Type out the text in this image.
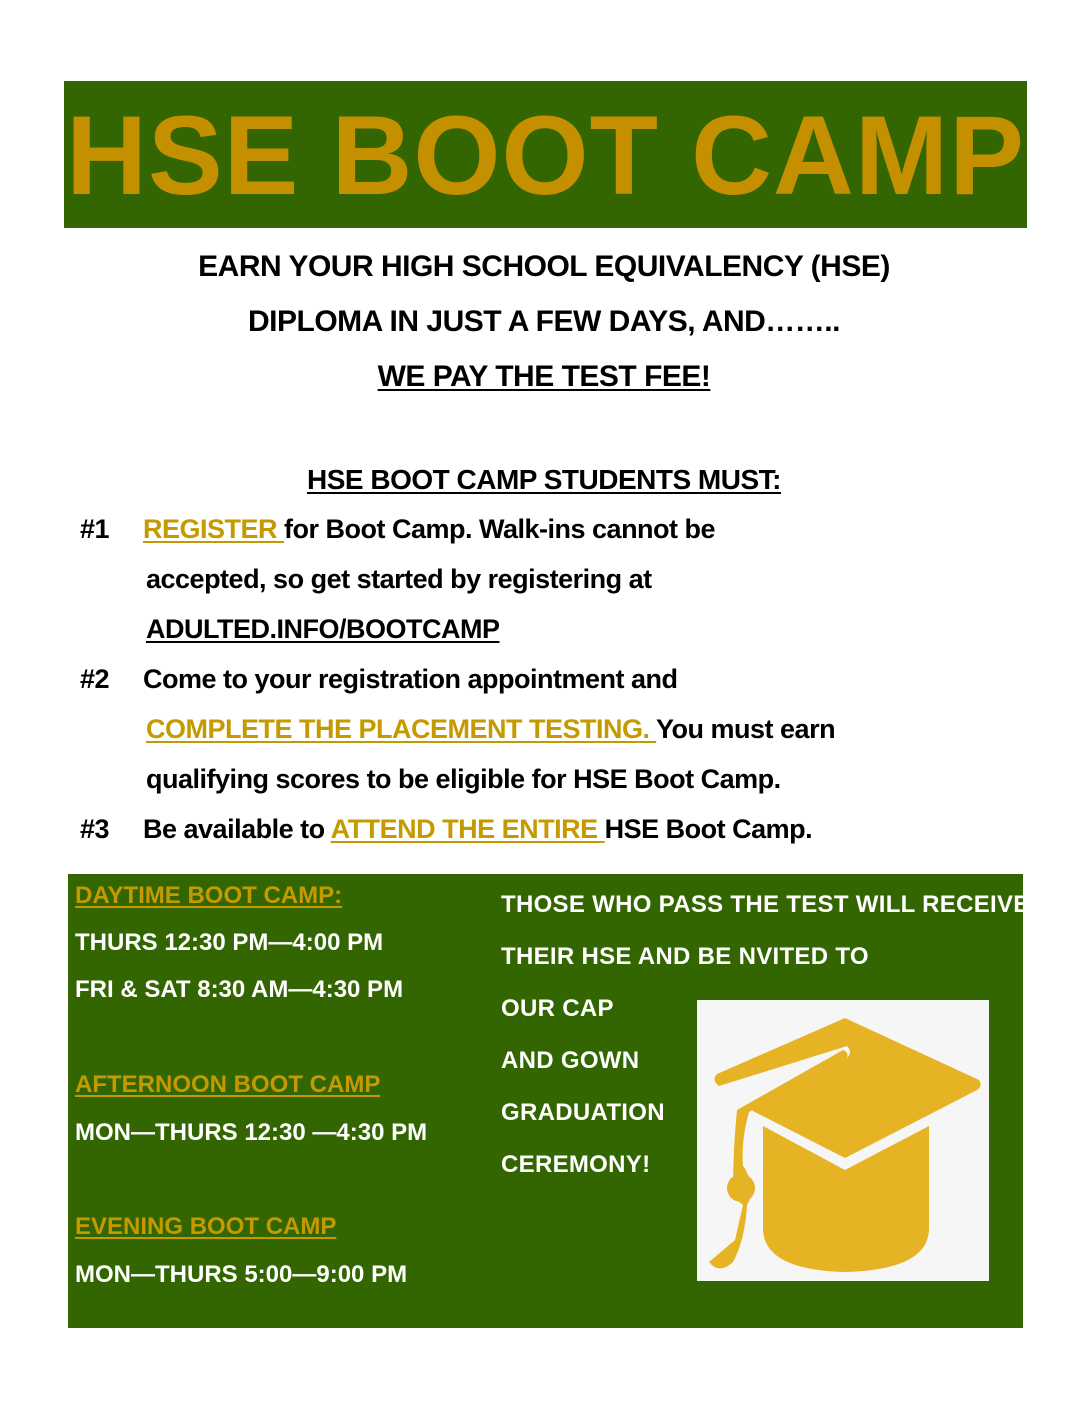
HSE BOOT CAMP
EARN YOUR HIGH SCHOOL EQUIVALENCY (HSE)
DIPLOMA IN JUST A FEW DAYS, AND……..
WE PAY THE TEST FEE!
HSE BOOT CAMP STUDENTS MUST:
#1 REGISTER for Boot Camp. Walk-ins cannot be
accepted, so get started by registering at
ADULTED.INFO/BOOTCAMP
#2 Come to your registration appointment and
COMPLETE THE PLACEMENT TESTING. You must earn
qualifying scores to be eligible for HSE Boot Camp.
#3 Be available to ATTEND THE ENTIRE HSE Boot Camp.
DAYTIME BOOT CAMP:
THURS 12:30 PM—4:00 PM
FRI & SAT 8:30 AM—4:30 PM
AFTERNOON BOOT CAMP
MON—THURS 12:30 —4:30 PM
EVENING BOOT CAMP
MON—THURS 5:00—9:00 PM
THOSE WHO PASS THE TEST WILL RECEIVE
THEIR HSE AND BE NVITED TO
OUR CAP
AND GOWN
GRADUATION
CEREMONY!
